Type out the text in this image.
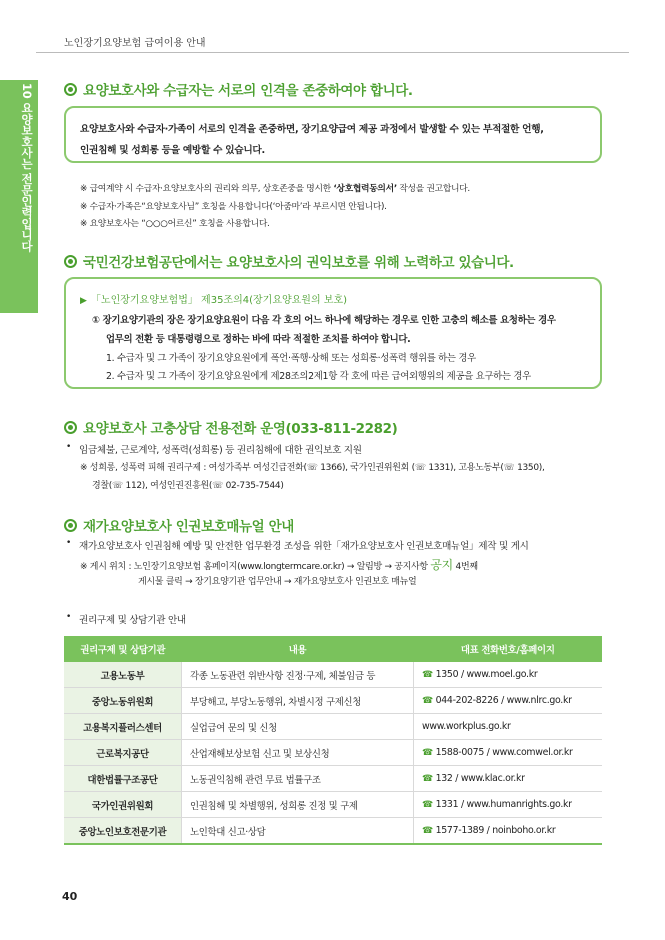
노인장기요양보험 급여이용 안내
10 요양보호사는 전문인력입니다	요양보호사와 수급자는 서로의 인격을 존중하여야 합니다.

요양보호사와 수급자·가족이 서로의 인격을 존중하면, 장기요양급여 제공 과정에서 발생할 수 있는 부적절한 언행,

인권침해 및 성희롱 등을 예방할 수 있습니다.

※ 급여계약 시 수급자·요양보호사의 권리와 의무, 상호존중을 명시한 ‘상호협력동의서’ 작성을 권고합니다.
※ 수급자·가족은“요양보호사님” 호칭을 사용합니다(‘아줌마’라 부르시면 안됩니다).
※ 요양보호사는 “○○○어르신” 호칭을 사용합니다.
국민건강보험공단에서는 요양보호사의 권익보호를 위해 노력하고 있습니다.
▶ 「노인장기요양보험법」 제35조의4(장기요양요원의 보호)
① 장기요양기관의 장은 장기요양요원이 다음 각 호의 어느 하나에 해당하는 경우로 인한 고충의 해소를 요청하는 경우
업무의 전환 등 대통령령으로 정하는 바에 따라 적절한 조치를 하여야 합니다.
1. 수급자 및 그 가족이 장기요양요원에게 폭언·폭행·상해 또는 성희롱·성폭력 행위를 하는 경우
2. 수급자 및 그 가족이 장기요양요원에게 제28조의2제1항 각 호에 따른 급여외행위의 제공을 요구하는 경우
요양보호사 고충상담 전용전화 운영(033-811-2282)
• 임금체불, 근로계약, 성폭력(성희롱) 등 권리침해에 대한 권익보호 지원
※ 성희롱, 성폭력 피해 권리구제 : 여성가족부 여성긴급전화(☏ 1366), 국가인권위원회 (☏ 1331), 고용노동부(☏ 1350),
경찰(☏ 112), 여성인권진흥원(☏ 02-735-7544)
재가요양보호사 인권보호매뉴얼 안내
• 재가요양보호사 인권침해 예방 및 안전한 업무환경 조성을 위한「재가요양보호사 인권보호매뉴얼」제작 및 게시
※ 게시 위치 : 노인장기요양보험 홈페이지(www.longtermcare.or.kr) → 알림방 → 공지사항 공지 4번째
게시물 클릭 → 장기요양기관 업무안내 → 재가요양보호사 인권보호 매뉴얼
• 권리구제 및 상담기관 안내
권리구제 및 상담기관	내용	대표 전화번호/홈페이지
고용노동부	각종 노동관련 위반사항 진정·구제, 체불임금 등	☎ 1350 / www.moel.go.kr
중앙노동위원회	부당해고, 부당노동행위, 차별시정 구제신청	☎ 044-202-8226 / www.nlrc.go.kr
고용복지플러스센터	실업급여 문의 및 신청	www.workplus.go.kr
근로복지공단	산업재해보상보험 신고 및 보상신청	☎ 1588-0075 / www.comwel.or.kr
대한법률구조공단	노동권익침해 관련 무료 법률구조	☎ 132 / www.klac.or.kr
국가인권위원회	인권침해 및 차별행위, 성희롱 진정 및 구제	☎ 1331 / www.humanrights.go.kr
중앙노인보호전문기관	노인학대 신고·상담	☎ 1577-1389 / noinboho.or.kr
40
